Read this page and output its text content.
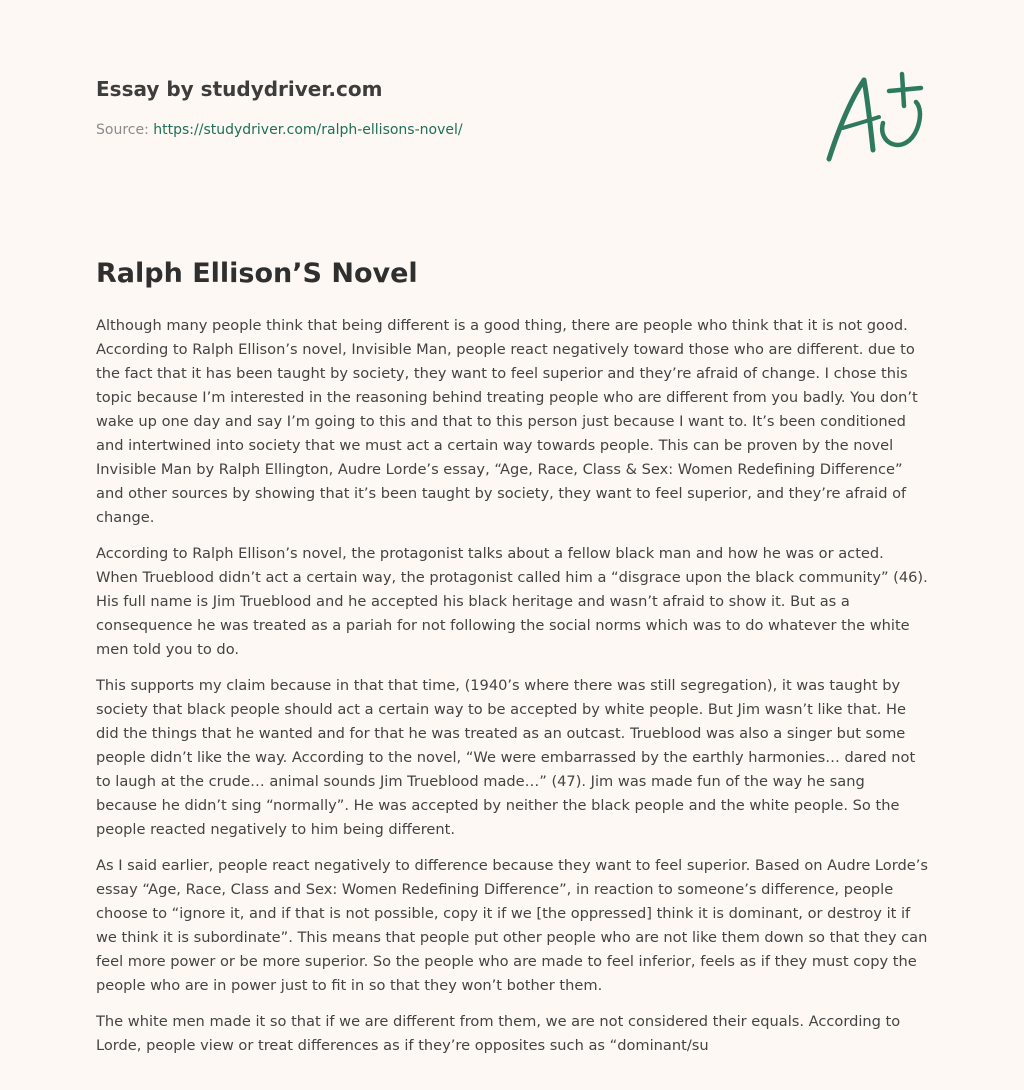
Essay by studydriver.com
Source: https://studydriver.com/ralph-ellisons-novel/
Ralph Ellison’S Novel

Although many people think that being different is a good thing, there are people who think that it is not good. According to Ralph Ellison’s novel, Invisible Man, people react negatively toward those who are different. due to the fact that it has been taught by society, they want to feel superior and they’re afraid of change. I chose this topic because I’m interested in the reasoning behind treating people who are different from you badly. You don’t wake up one day and say I’m going to this and that to this person just because I want to. It’s been conditioned and intertwined into society that we must act a certain way towards people. This can be proven by the novel Invisible Man by Ralph Ellington, Audre Lorde’s essay, “Age, Race, Class & Sex: Women Redefining Difference” and other sources by showing that it’s been taught by society, they want to feel superior, and they’re afraid of change.

According to Ralph Ellison’s novel, the protagonist talks about a fellow black man and how he was or acted. When Trueblood didn’t act a certain way, the protagonist called him a “disgrace upon the black community” (46). His full name is Jim Trueblood and he accepted his black heritage and wasn’t afraid to show it. But as a consequence he was treated as a pariah for not following the social norms which was to do whatever the white men told you to do.

This supports my claim because in that that time, (1940’s where there was still segregation), it was taught by society that black people should act a certain way to be accepted by white people. But Jim wasn’t like that. He did the things that he wanted and for that he was treated as an outcast. Trueblood was also a singer but some people didn’t like the way. According to the novel, “We were embarrassed by the earthly harmonies… dared not to laugh at the crude… animal sounds Jim Trueblood made…” (47). Jim was made fun of the way he sang because he didn’t sing “normally”. He was accepted by neither the black people and the white people. So the people reacted negatively to him being different.

As I said earlier, people react negatively to difference because they want to feel superior. Based on Audre Lorde’s essay “Age, Race, Class and Sex: Women Redefining Difference”, in reaction to someone’s difference, people choose to “ignore it, and if that is not possible, copy it if we [the oppressed] think it is dominant, or destroy it if we think it is subordinate”. This means that people put other people who are not like them down so that they can feel more power or be more superior. So the people who are made to feel inferior, feels as if they must copy the people who are in power just to fit in so that they won’t bother them.

The white men made it so that if we are different from them, we are not considered their equals. According to Lorde, people view or treat differences as if they’re opposites such as “dominant/su
